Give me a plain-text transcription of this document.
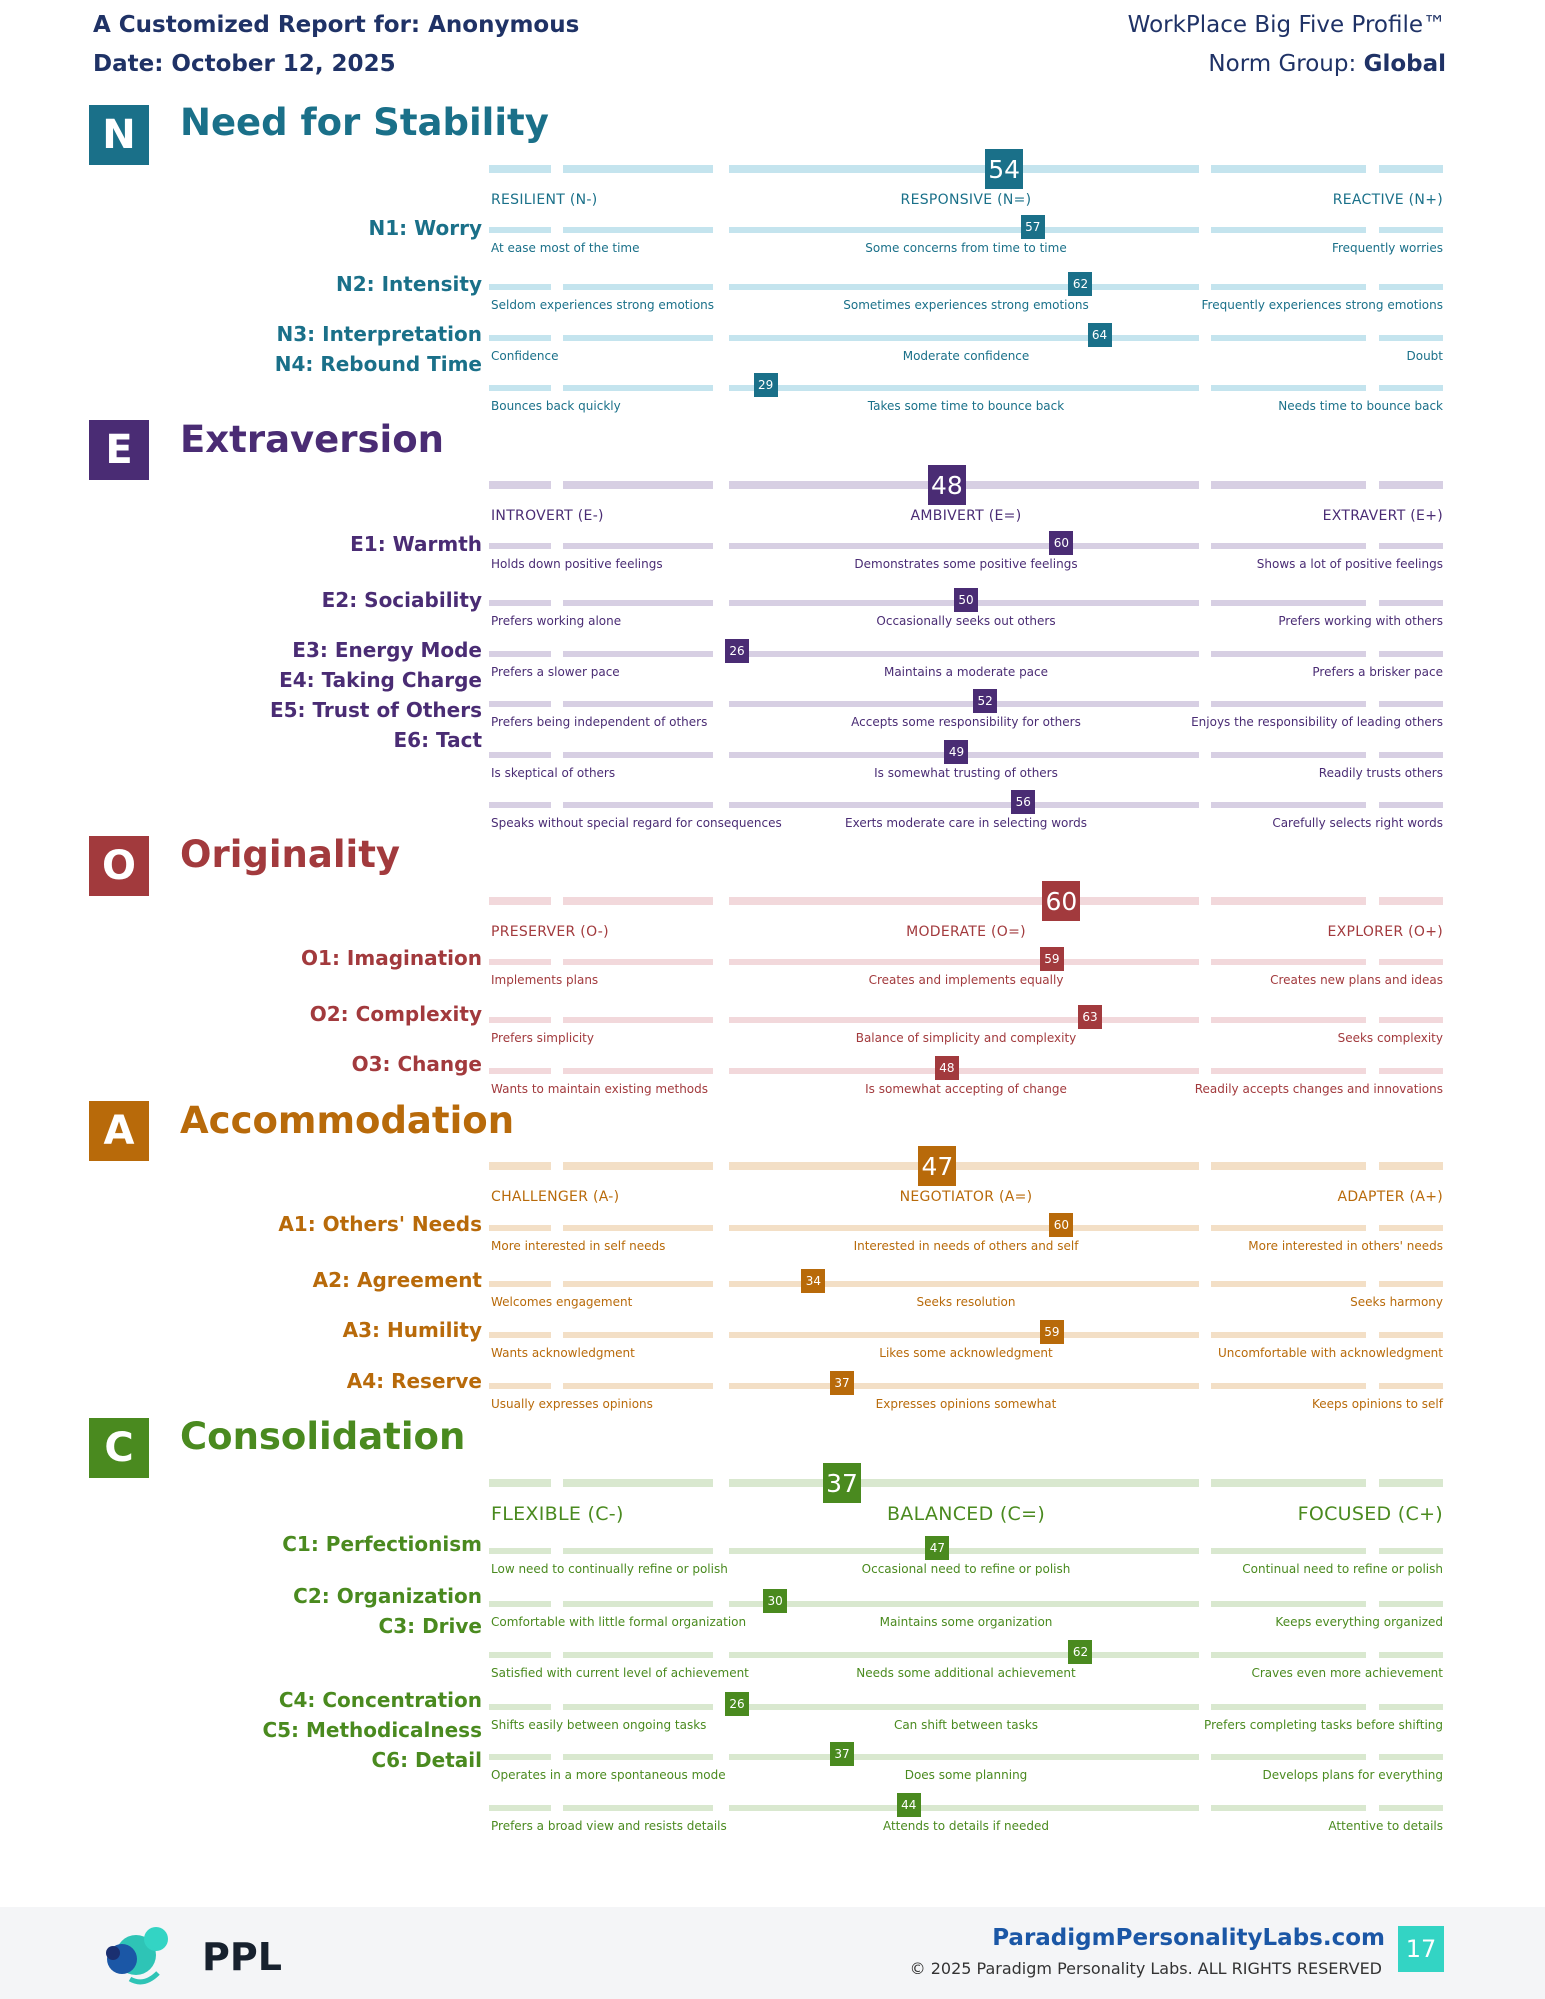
A Customized Report for: Anonymous
Date: October 12, 2025
WorkPlace Big Five Profile™
Norm Group: Global
N	Need for Stability
54
RESILIENT (N-)	RESPONSIVE (N=)	REACTIVE (N+)
N1: Worry	57
At ease most of the time	Some concerns from time to time	Frequently worries
N2: Intensity	62
Seldom experiences strong emotions	Sometimes experiences strong emotions	Frequently experiences strong emotions
N3: Interpretation	64
Confidence	Moderate confidence	Doubt
N4: Rebound Time
29
Bounces back quickly	Takes some time to bounce back	Needs time to bounce back
E	Extraversion
48
INTROVERT (E-)	AMBIVERT (E=)	EXTRAVERT (E+)
E1: Warmth	60
Holds down positive feelings	Demonstrates some positive feelings	Shows a lot of positive feelings
E2: Sociability	50
Prefers working alone	Occasionally seeks out others	Prefers working with others
E3: Energy Mode	26
Prefers a slower pace	Maintains a moderate pace	Prefers a brisker pace
E4: Taking Charge
52
Prefers being independent of others	Accepts some responsibility for others	Enjoys the responsibility of leading others
E5: Trust of Others
49
Is skeptical of others	Is somewhat trusting of others	Readily trusts others
E6: Tact
56
Speaks without special regard for consequences	Exerts moderate care in selecting words	Carefully selects right words
O	Originality
60
PRESERVER (O-)	MODERATE (O=)	EXPLORER (O+)
O1: Imagination	59
Implements plans	Creates and implements equally	Creates new plans and ideas
O2: Complexity	63
Prefers simplicity	Balance of simplicity and complexity	Seeks complexity
O3: Change	48
Wants to maintain existing methods	Is somewhat accepting of change	Readily accepts changes and innovations
A	Accommodation
47
CHALLENGER (A-)	NEGOTIATOR (A=)	ADAPTER (A+)
A1: Others' Needs	60
More interested in self needs	Interested in needs of others and self	More interested in others' needs
A2: Agreement	34
Welcomes engagement	Seeks resolution	Seeks harmony
A3: Humility	59
Wants acknowledgment	Likes some acknowledgment	Uncomfortable with acknowledgment
A4: Reserve	37
Usually expresses opinions	Expresses opinions somewhat	Keeps opinions to self
C	Consolidation
37
FLEXIBLE (C-)	BALANCED (C=)	FOCUSED (C+)
C1: Perfectionism	47
Low need to continually refine or polish	Occasional need to refine or polish	Continual need to refine or polish
C2: Organization	30
Comfortable with little formal organization	Maintains some organization	Keeps everything organized
C3: Drive
62
Satisfied with current level of achievement	Needs some additional achievement	Craves even more achievement
C4: Concentration	26
Shifts easily between ongoing tasks	Can shift between tasks	Prefers completing tasks before shifting
C5: Methodicalness
37
Operates in a more spontaneous mode	Does some planning	Develops plans for everything
C6: Detail
44
Prefers a broad view and resists details	Attends to details if needed	Attentive to details
PPL	ParadigmPersonalityLabs.com
© 2025 Paradigm Personality Labs. ALL RIGHTS RESERVED
17
